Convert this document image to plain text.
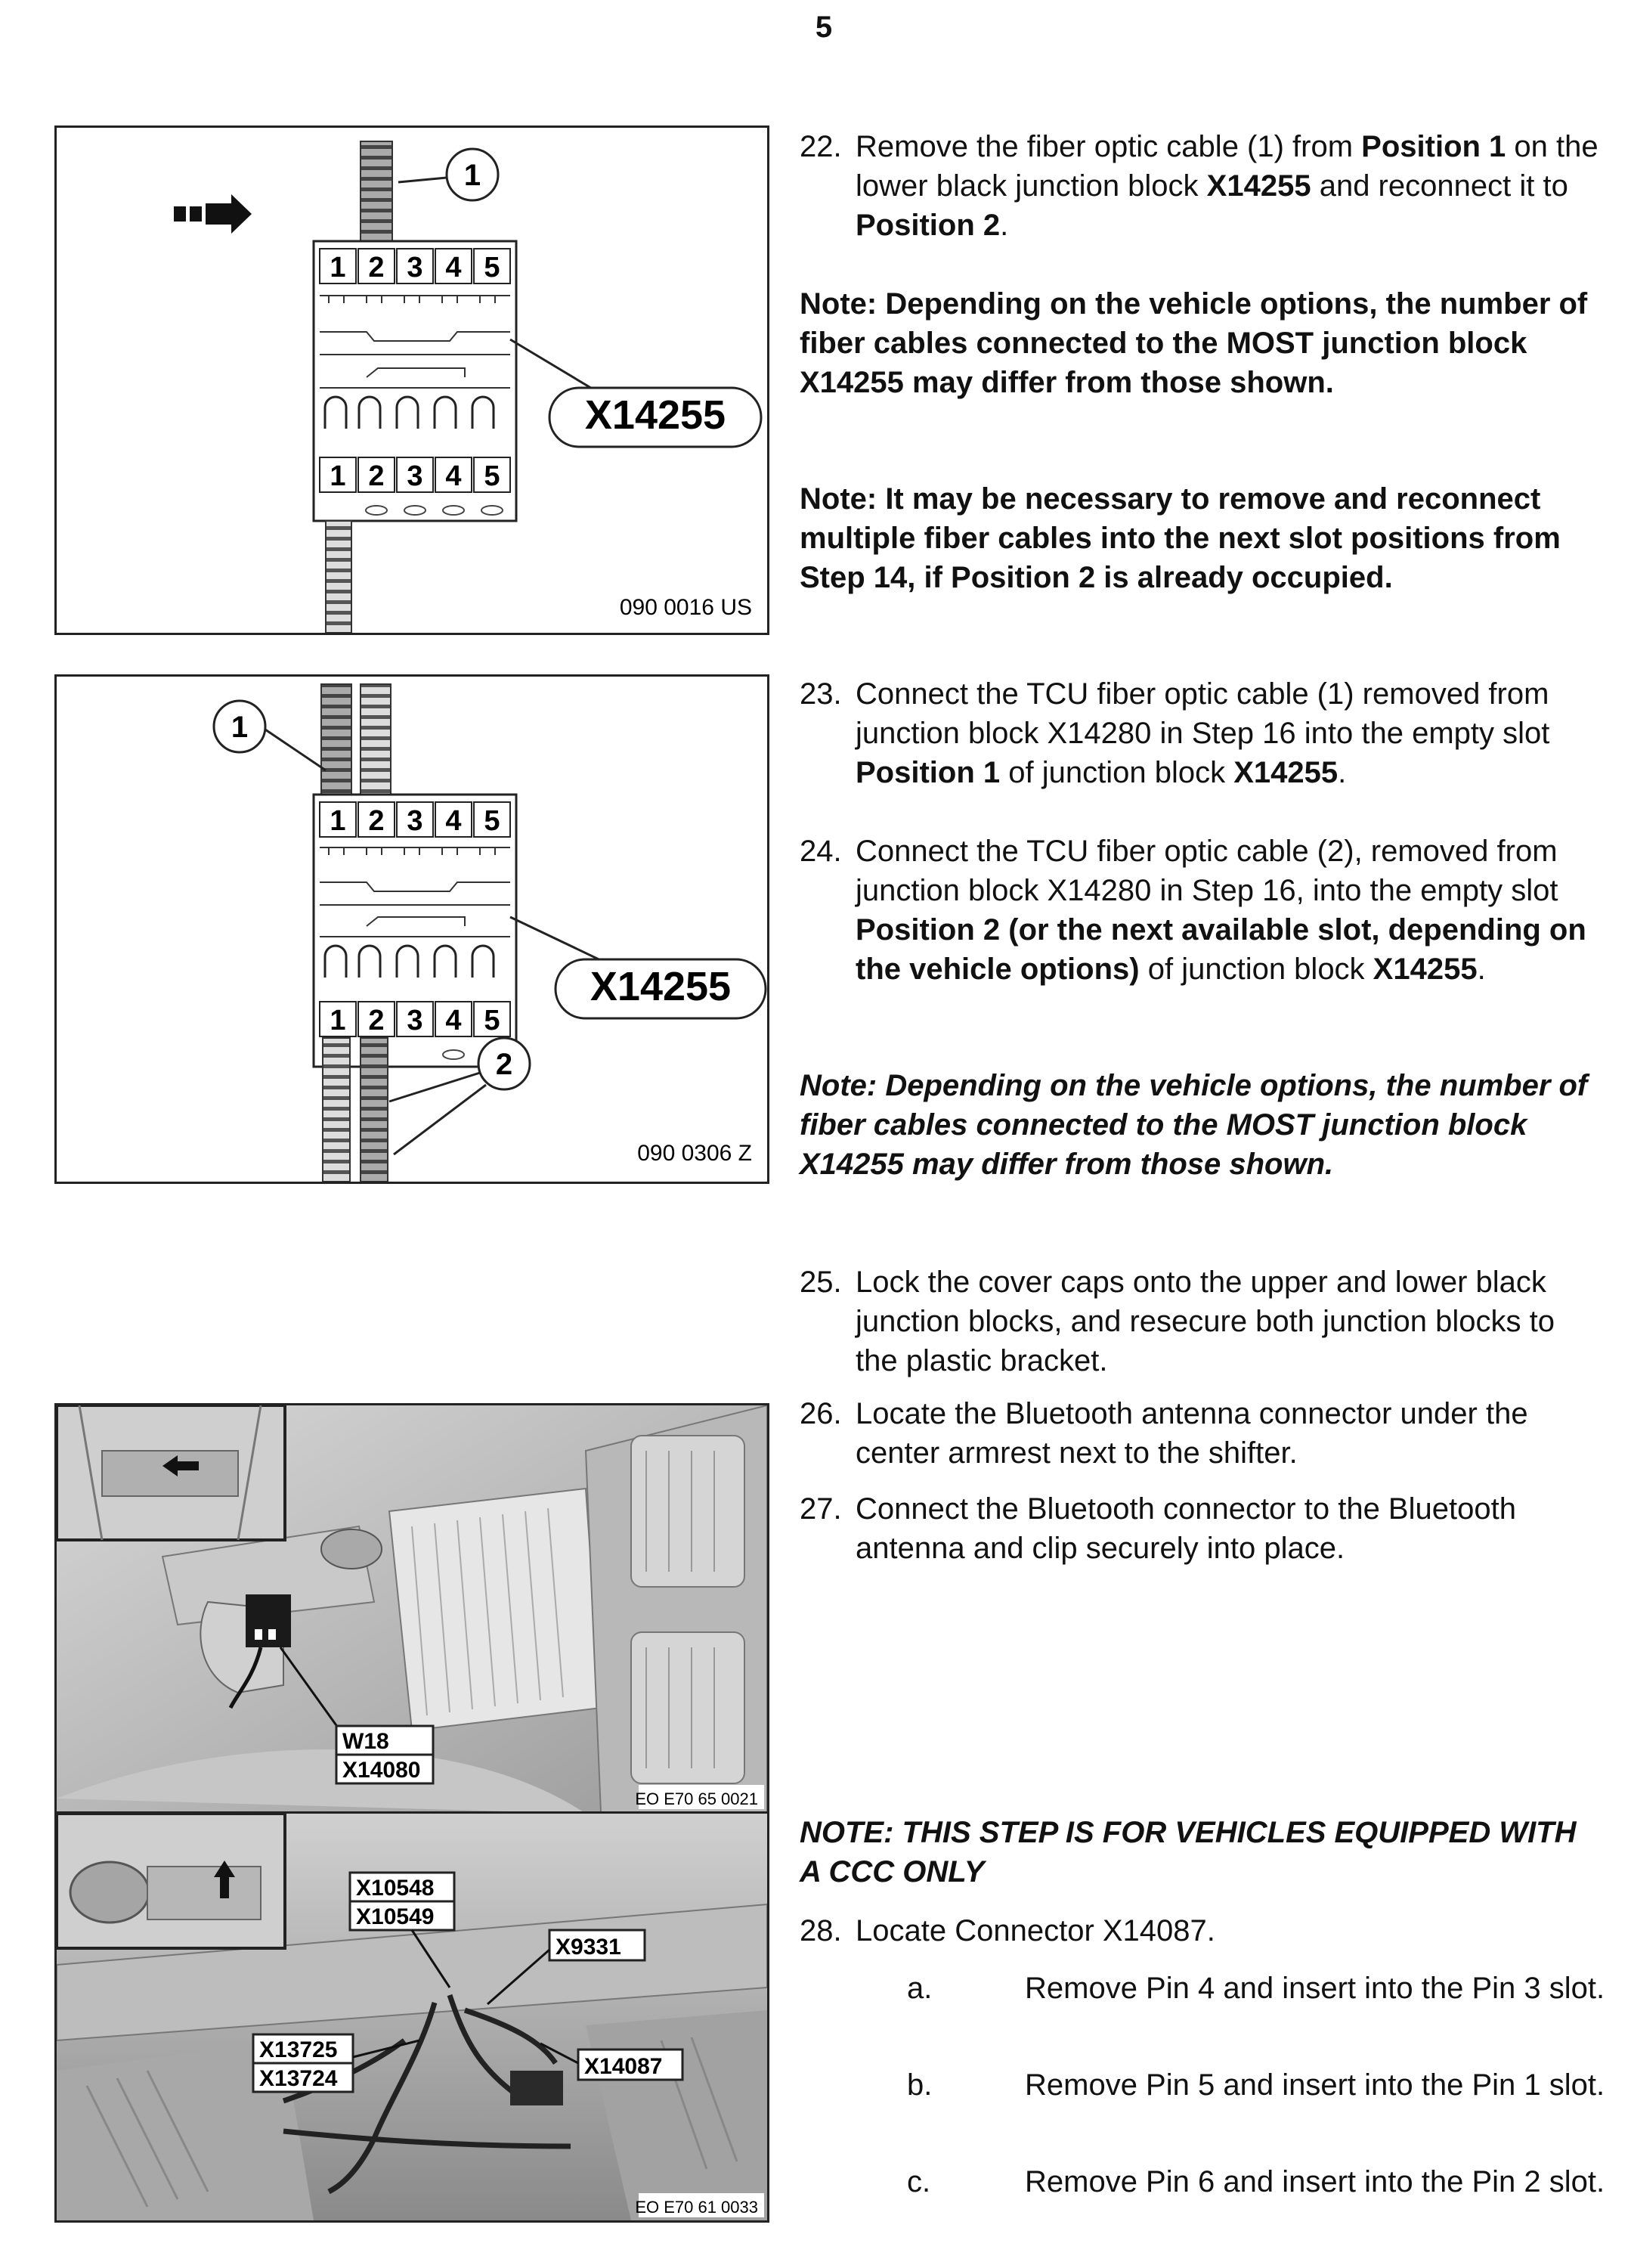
5
1
1 2 3 4 5
X14255
1 2 3 4 5
090 0016 US
1
1 2 3 4 5
X14255
1 2 3 4 5
2
090 0306 Z
W18
X14080
EO E70 65 0021
X10548
X10549
X9331
X13725
X13724	X14087
EO E70 61 0033
22. Remove the fiber optic cable (1) from Position 1 on the lower black junction block X14255 and reconnect it to Position 2.
Note: Depending on the vehicle options, the number of fiber cables connected to the MOST junction block X14255 may differ from those shown.
Note: It may be necessary to remove and reconnect multiple fiber cables into the next slot positions from Step 14, if Position 2 is already occupied.
23. Connect the TCU fiber optic cable (1) removed from junction block X14280 in Step 16 into the empty slot Position 1 of junction block X14255.
24. Connect the TCU fiber optic cable (2), removed from junction block X14280 in Step 16, into the empty slot Position 2 (or the next available slot, depending on the vehicle options) of junction block X14255.
Note: Depending on the vehicle options, the number of fiber cables connected to the MOST junction block X14255 may differ from those shown.
25. Lock the cover caps onto the upper and lower black junction blocks, and resecure both junction blocks to the plastic bracket.
26. Locate the Bluetooth antenna connector under the center armrest next to the shifter.
27. Connect the Bluetooth connector to the Bluetooth antenna and clip securely into place.
NOTE: THIS STEP IS FOR VEHICLES EQUIPPED WITH A CCC ONLY
28. Locate Connector X14087.
a.	Remove Pin 4 and insert into the Pin 3 slot.
b.	Remove Pin 5 and insert into the Pin 1 slot.
c.	Remove Pin 6 and insert into the Pin 2 slot.
